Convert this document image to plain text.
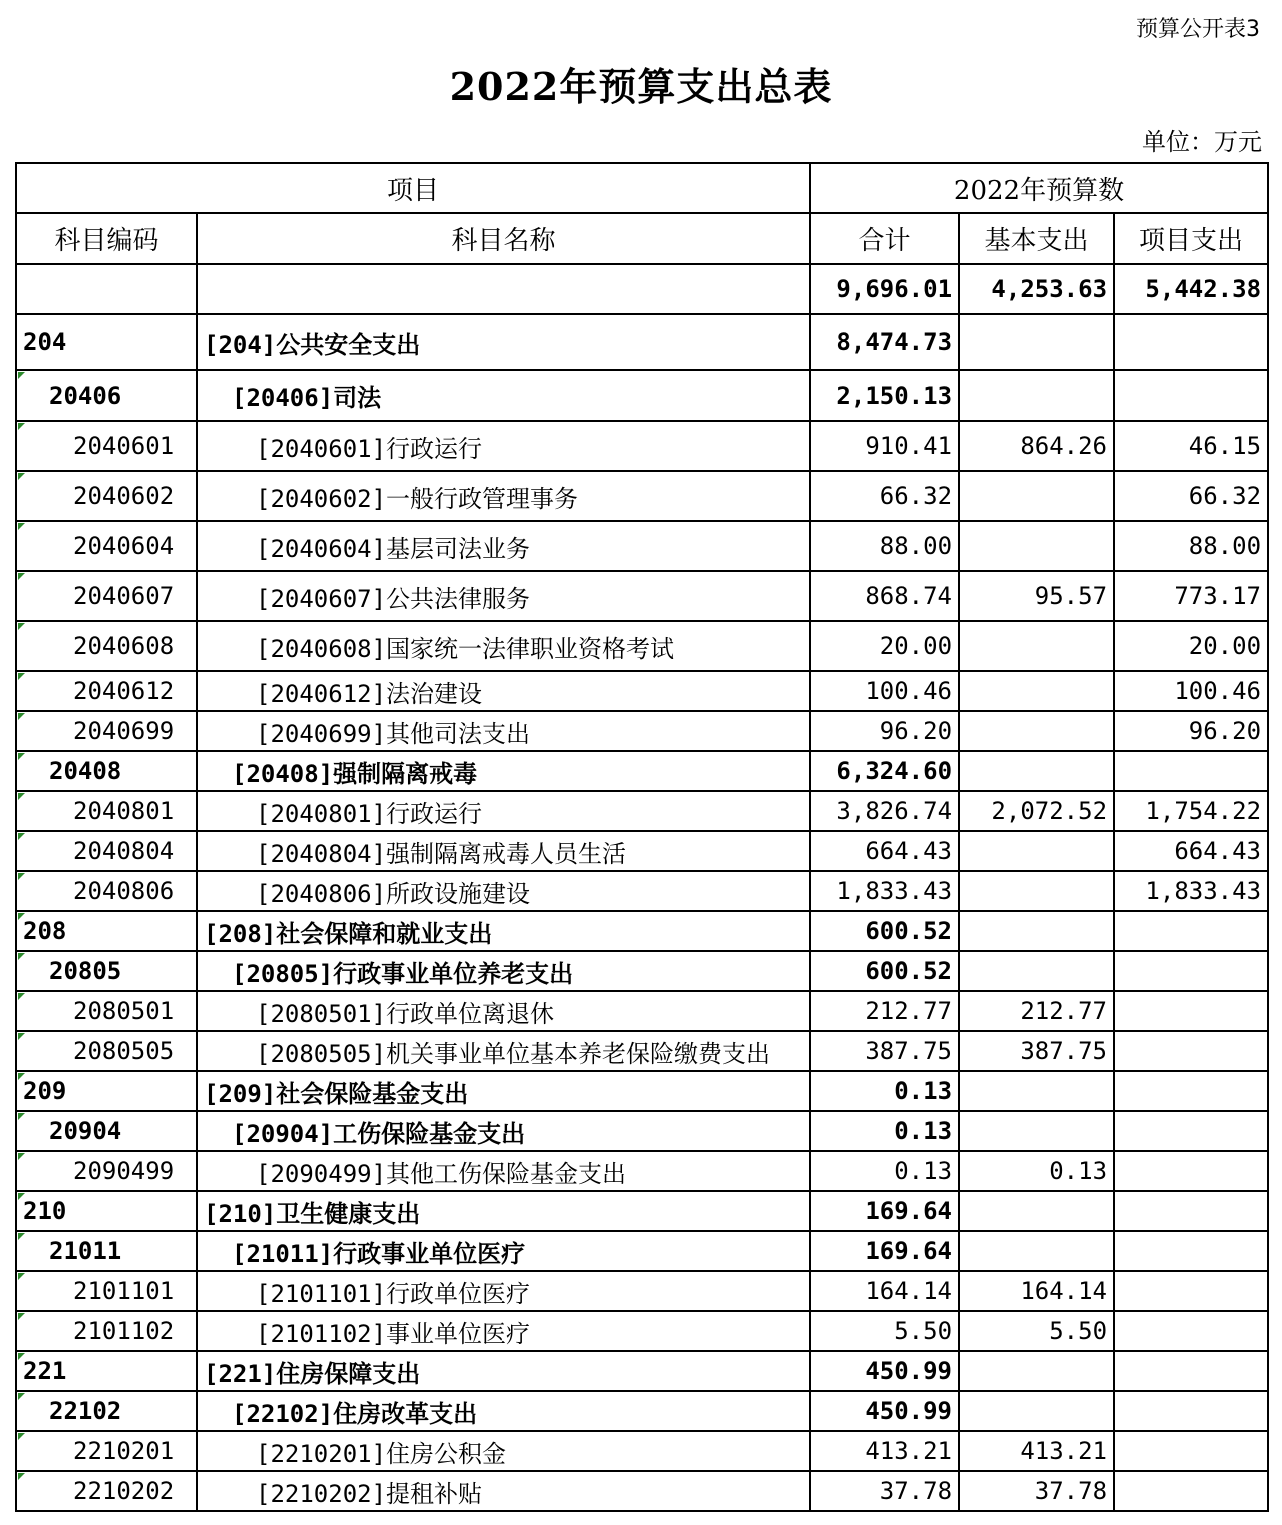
预算公开表3
2022年预算支出总表
单位：万元
项目		2022年预算数		
科目编码	科目名称	合计	基本支出	项目支出
		9,696.01	4,253.63	5,442.38
204	[204]公共安全支出	8,474.73		
20406	[20406]司法	2,150.13		
2040601	[2040601]行政运行	910.41	864.26	46.15
2040602	[2040602]一般行政管理事务	66.32		66.32
2040604	[2040604]基层司法业务	88.00		88.00
2040607	[2040607]公共法律服务	868.74	95.57	773.17
2040608	[2040608]国家统一法律职业资格考试	20.00		20.00
2040612	[2040612]法治建设	100.46		100.46
2040699	[2040699]其他司法支出	96.20		96.20
20408	[20408]强制隔离戒毒	6,324.60		
2040801	[2040801]行政运行	3,826.74	2,072.52	1,754.22
2040804	[2040804]强制隔离戒毒人员生活	664.43		664.43
2040806	[2040806]所政设施建设	1,833.43		1,833.43
208	[208]社会保障和就业支出	600.52		
20805	[20805]行政事业单位养老支出	600.52		
2080501	[2080501]行政单位离退休	212.77	212.77	
2080505	[2080505]机关事业单位基本养老保险缴费支出	387.75	387.75	
209	[209]社会保险基金支出	0.13		
20904	[20904]工伤保险基金支出	0.13		
2090499	[2090499]其他工伤保险基金支出	0.13	0.13	
210	[210]卫生健康支出	169.64		
21011	[21011]行政事业单位医疗	169.64		
2101101	[2101101]行政单位医疗	164.14	164.14	
2101102	[2101102]事业单位医疗	5.50	5.50	
221	[221]住房保障支出	450.99		
22102	[22102]住房改革支出	450.99		
2210201	[2210201]住房公积金	413.21	413.21	
2210202	[2210202]提租补贴	37.78	37.78	
